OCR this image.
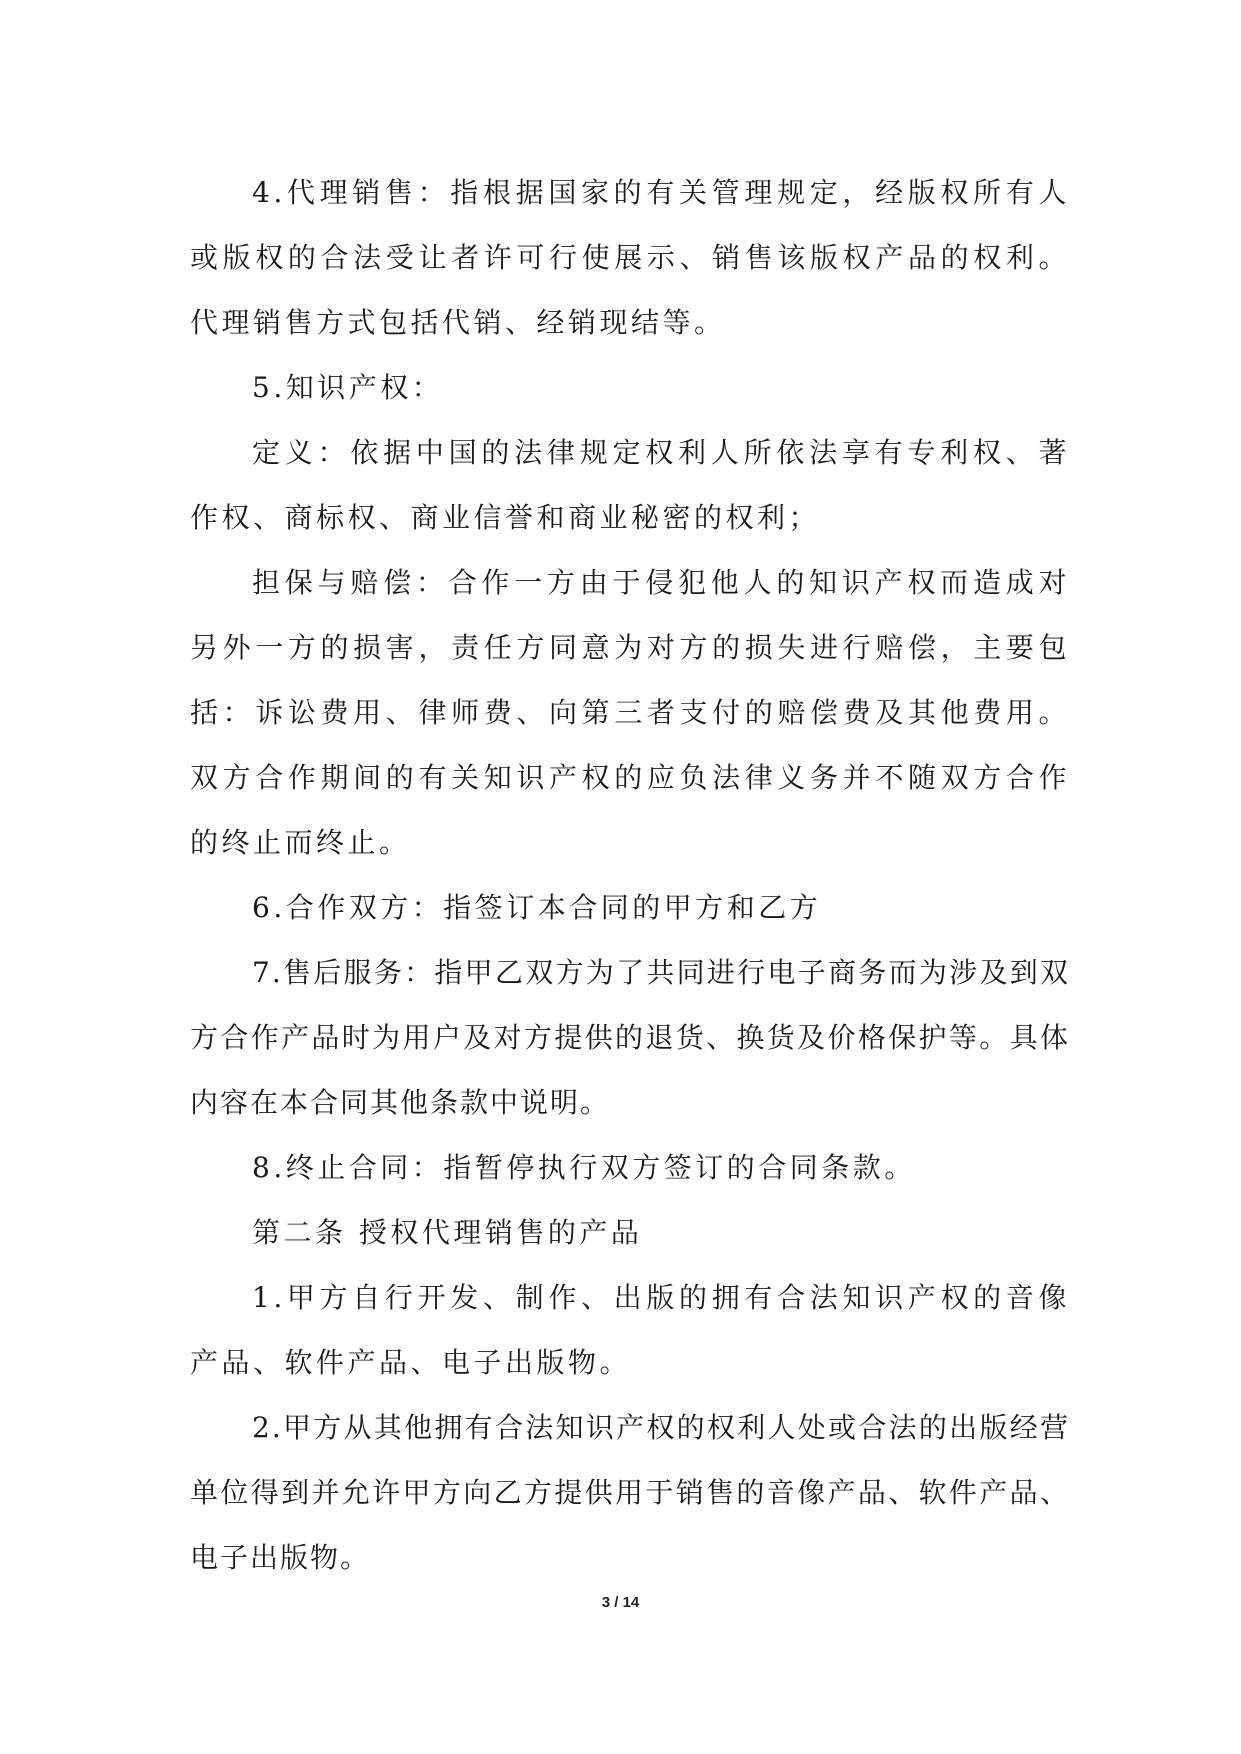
4.代理销售：指根据国家的有关管理规定，经版权所有人或版权的合法受让者许可行使展示、销售该版权产品的权利。代理销售方式包括代销、经销现结等。

5.知识产权：

定义：依据中国的法律规定权利人所依法享有专利权、著作权、商标权、商业信誉和商业秘密的权利；

担保与赔偿：合作一方由于侵犯他人的知识产权而造成对另外一方的损害，责任方同意为对方的损失进行赔偿，主要包括：诉讼费用、律师费、向第三者支付的赔偿费及其他费用。双方合作期间的有关知识产权的应负法律义务并不随双方合作的终止而终止。

6.合作双方：指签订本合同的甲方和乙方

7.售后服务：指甲乙双方为了共同进行电子商务而为涉及到双方合作产品时为用户及对方提供的退货、换货及价格保护等。具体内容在本合同其他条款中说明。

8.终止合同：指暂停执行双方签订的合同条款。

第二条 授权代理销售的产品

1.甲方自行开发、制作、出版的拥有合法知识产权的音像产品、软件产品、电子出版物。

2.甲方从其他拥有合法知识产权的权利人处或合法的出版经营单位得到并允许甲方向乙方提供用于销售的音像产品、软件产品、电子出版物。

3 / 14
